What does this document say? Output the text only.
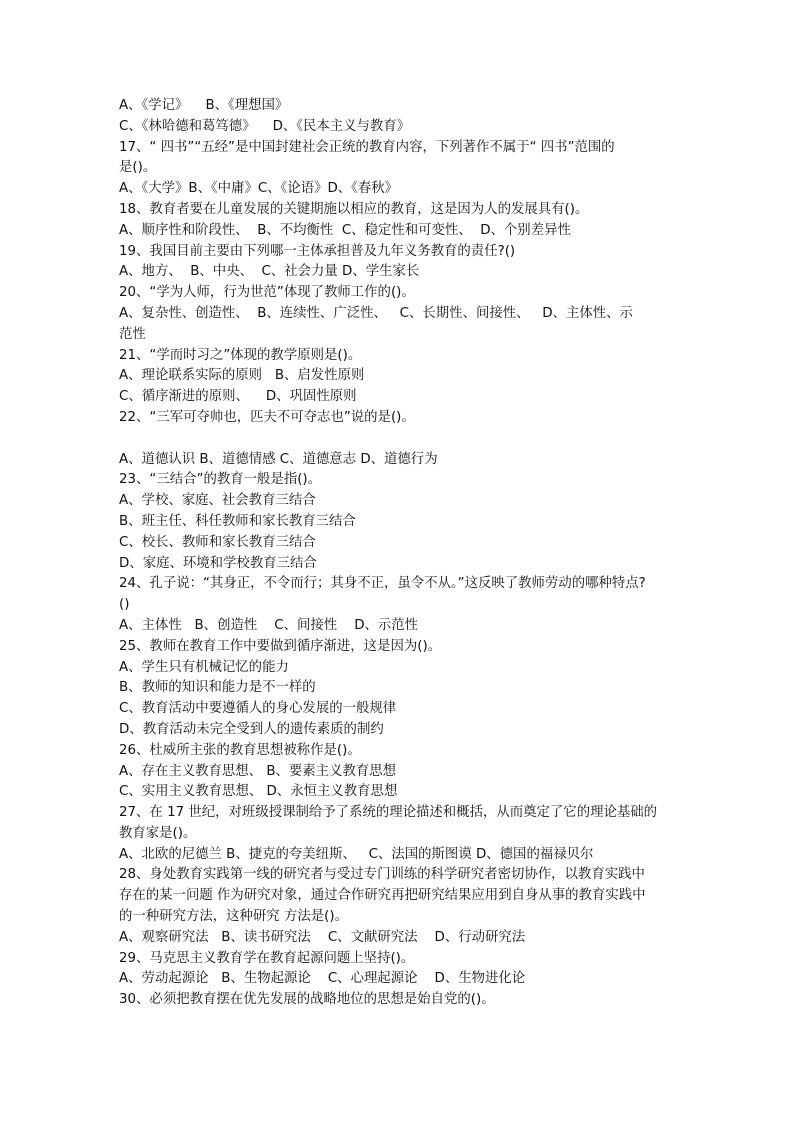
A、《学记》    B、《理想国》
C、《林哈德和葛笃德》    D、《民本主义与教育》
17、“ 四书”“五经”是中国封建社会正统的教育内容，下列著作不属于“ 四书”范围的
是()。
A、《大学》B、《中庸》C、《论语》D、《春秋》
18、教育者要在儿童发展的关键期施以相应的教育，这是因为人的发展具有()。
A、顺序性和阶段性、  B、不均衡性  C、稳定性和可变性、  D、个别差异性
19、我国目前主要由下列哪一主体承担普及九年义务教育的责任?()
A、地方、  B、中央、  C、社会力量 D、学生家长
20、“学为人师，行为世范”体现了教师工作的()。
A、复杂性、创造性、  B、连续性、广泛性、   C、长期性、间接性、   D、主体性、示
范性
21、“学而时习之”体现的教学原则是()。
A、理论联系实际的原则   B、启发性原则
C、循序渐进的原则、    D、巩固性原则
22、“三军可夺帅也，匹夫不可夺志也”说的是()。
A、道德认识 B、道德情感 C、道德意志 D、道德行为
23、“三结合”的教育一般是指()。
A、学校、家庭、社会教育三结合
B、班主任、科任教师和家长教育三结合
C、校长、教师和家长教育三结合
D、家庭、环境和学校教育三结合
24、孔子说：“其身正，不令而行；其身不正，虽令不从。”这反映了教师劳动的哪种特点?
()
A、主体性   B、创造性    C、间接性    D、示范性
25、教师在教育工作中要做到循序渐进，这是因为()。
A、学生只有机械记忆的能力
B、教师的知识和能力是不一样的
C、教育活动中要遵循人的身心发展的一般规律
D、教育活动未完全受到人的遗传素质的制约
26、杜威所主张的教育思想被称作是()。
A、存在主义教育思想、 B、要素主义教育思想
C、实用主义教育思想、 D、永恒主义教育思想
27、在 17 世纪，对班级授课制给予了系统的理论描述和概括，从而奠定了它的理论基础的
教育家是()。
A、北欧的尼德兰 B、捷克的夸美纽斯、   C、法国的斯图谟 D、德国的福禄贝尔
28、身处教育实践第一线的研究者与受过专门训练的科学研究者密切协作，以教育实践中
存在的某一问题 作为研究对象，通过合作研究再把研究结果应用到自身从事的教育实践中
的一种研究方法，这种研究 方法是()。
A、观察研究法   B、读书研究法    C、文献研究法    D、行动研究法
29、马克思主义教育学在教育起源问题上坚持()。
A、劳动起源论   B、生物起源论    C、心理起源论    D、生物进化论
30、必须把教育摆在优先发展的战略地位的思想是始自党的()。
